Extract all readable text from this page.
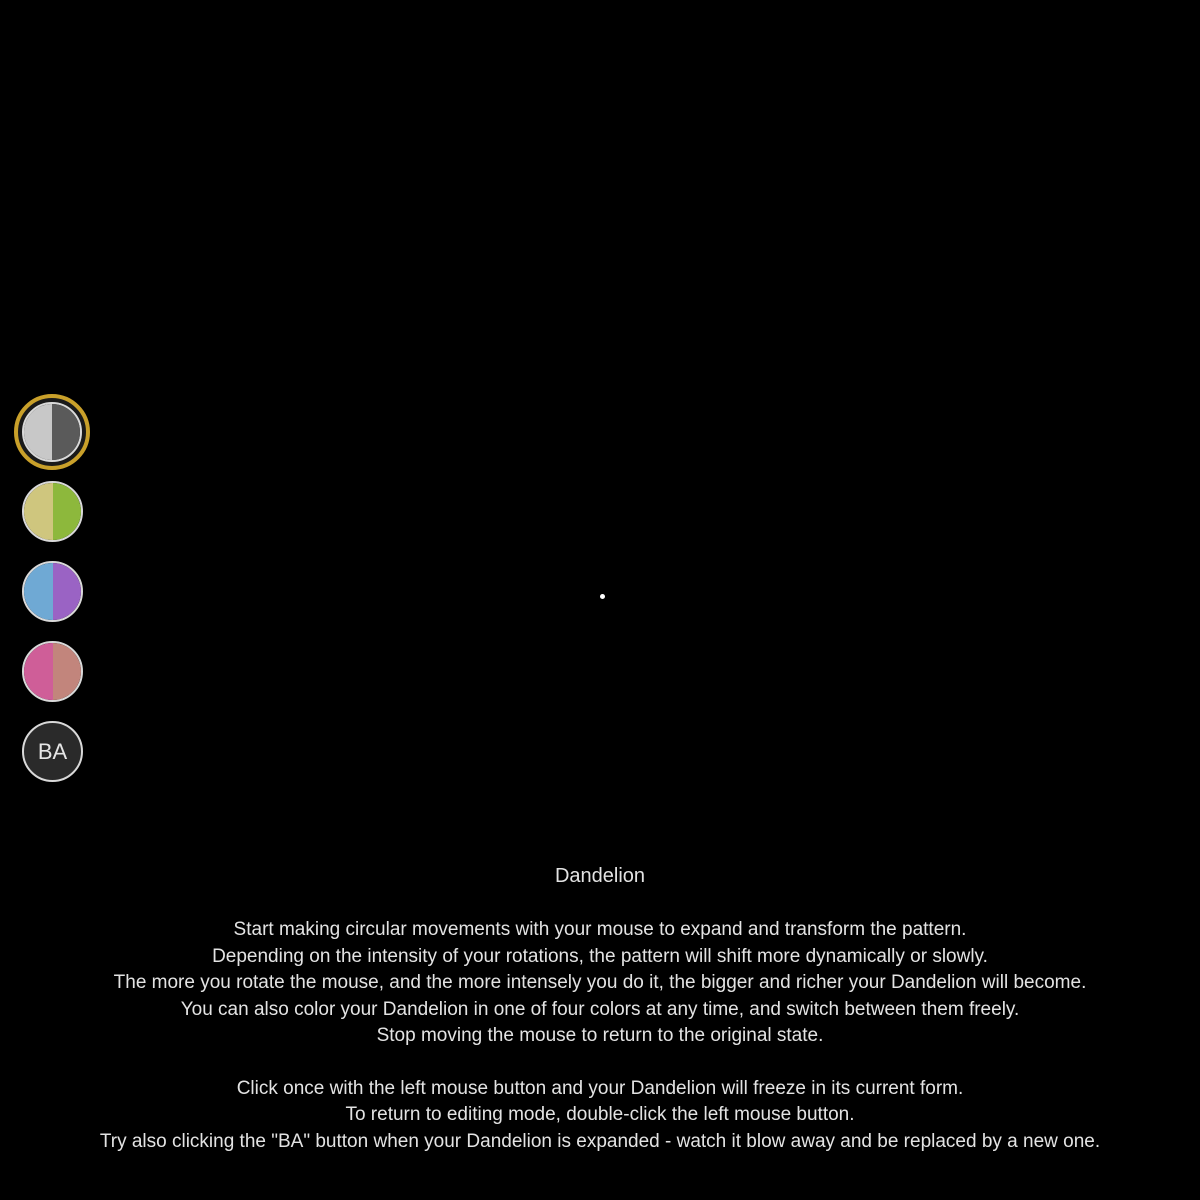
BA

Dandelion

Start making circular movements with your mouse to expand and transform the pattern.

Depending on the intensity of your rotations, the pattern will shift more dynamically or slowly.

The more you rotate the mouse, and the more intensely you do it, the bigger and richer your Dandelion will become.

You can also color your Dandelion in one of four colors at any time, and switch between them freely.

Stop moving the mouse to return to the original state.

Click once with the left mouse button and your Dandelion will freeze in its current form.

To return to editing mode, double-click the left mouse button.

Try also clicking the "BA" button when your Dandelion is expanded - watch it blow away and be replaced by a new one.
